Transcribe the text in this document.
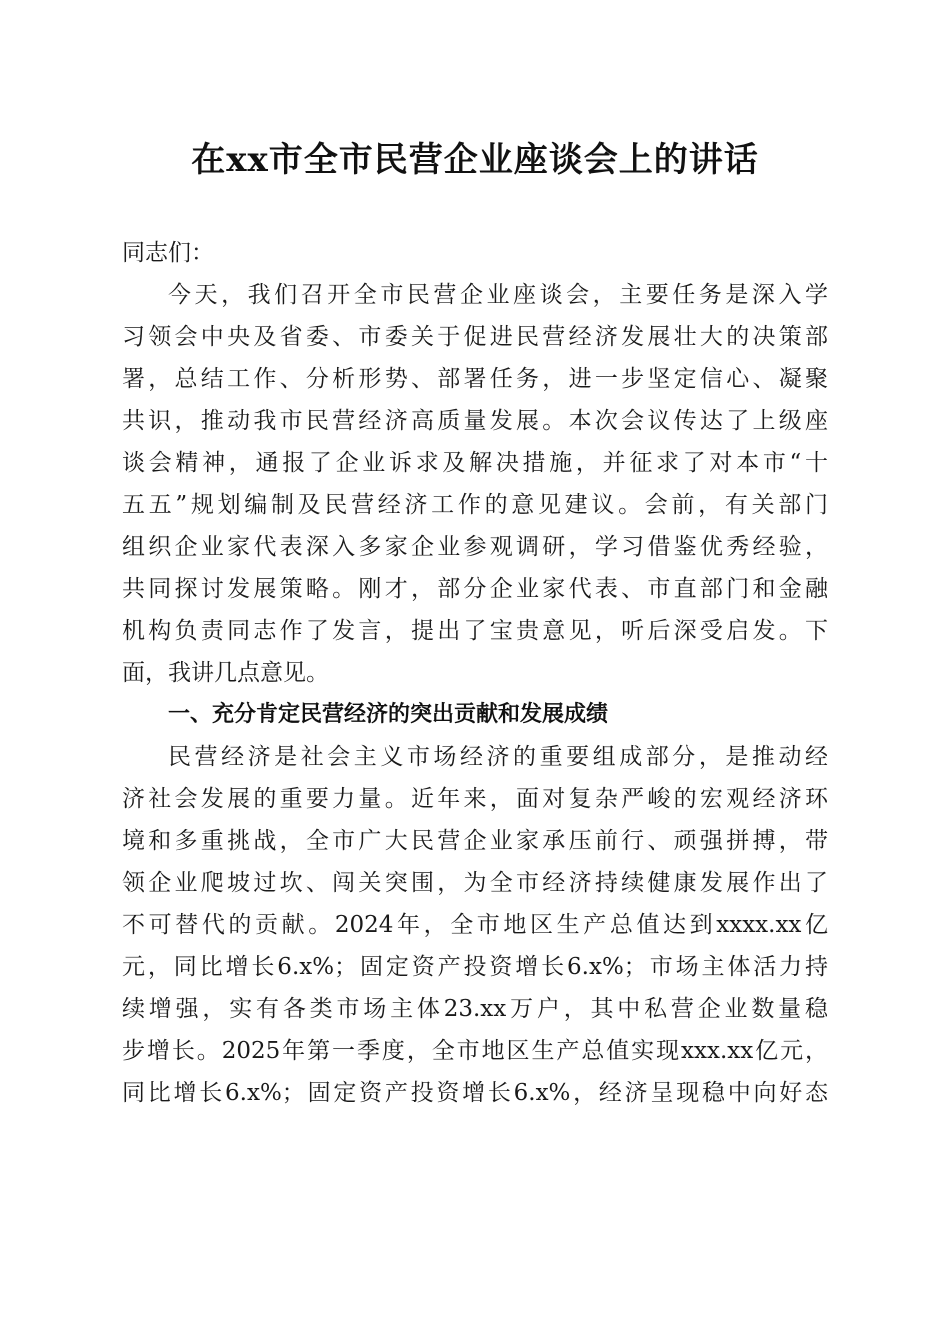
在xx市全市民营企业座谈会上的讲话
同志们：
今天，我们召开全市民营企业座谈会，主要任务是深入学
习领会中央及省委、市委关于促进民营经济发展壮大的决策部
署，总结工作、分析形势、部署任务，进一步坚定信心、凝聚
共识，推动我市民营经济高质量发展。本次会议传达了上级座
谈会精神，通报了企业诉求及解决措施，并征求了对本市“十
五五”规划编制及民营经济工作的意见建议。会前，有关部门
组织企业家代表深入多家企业参观调研，学习借鉴优秀经验，
共同探讨发展策略。刚才，部分企业家代表、市直部门和金融
机构负责同志作了发言，提出了宝贵意见，听后深受启发。下
面，我讲几点意见。
一、充分肯定民营经济的突出贡献和发展成绩
民营经济是社会主义市场经济的重要组成部分，是推动经
济社会发展的重要力量。近年来，面对复杂严峻的宏观经济环
境和多重挑战，全市广大民营企业家承压前行、顽强拼搏，带
领企业爬坡过坎、闯关突围，为全市经济持续健康发展作出了
不可替代的贡献。2024年，全市地区生产总值达到xxxx.xx亿
元，同比增长6.x%；固定资产投资增长6.x%；市场主体活力持
续增强，实有各类市场主体23.xx万户，其中私营企业数量稳
步增长。2025年第一季度，全市地区生产总值实现xxx.xx亿元，
同比增长6.x%；固定资产投资增长6.x%，经济呈现稳中向好态
